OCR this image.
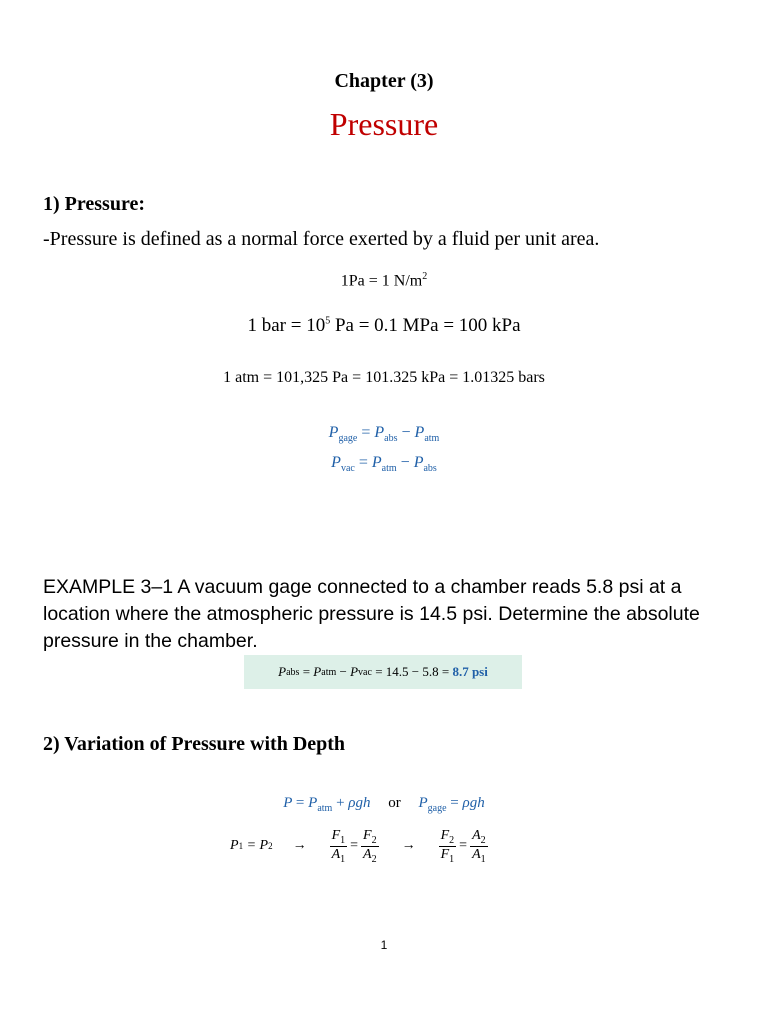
Chapter (3)
Pressure
1) Pressure:
-Pressure is defined as a normal force exerted by a fluid per unit area.
1Pa = 1 $N/m^2$
1 bar = $10^5$ Pa = 0.1 MPa = 100 kPa
1 atm = 101,325 Pa = 101.325 kPa = 1.01325 bars
$P_{gage} = P_{abs} - P_{atm}$
$P_{vac} = P_{atm} - P_{abs}$
EXAMPLE 3–1 A vacuum gage connected to a chamber reads 5.8 psi at a location where the atmospheric pressure is 14.5 psi. Determine the absolute pressure in the chamber.
P abs = P atm − P vac
= 14.5 − 5.8 =
8.7 psi
2) Variation of Pressure with Depth
$P = P_{atm} + \rho gh$ or $P_{gage} = \rho gh$
P 1 = P $2 \to \frac{F_1}{A_1} = \frac{F_2}{A_2} \to \frac{F_2}{F_1} = \frac{A_2}{A_1}$
1
